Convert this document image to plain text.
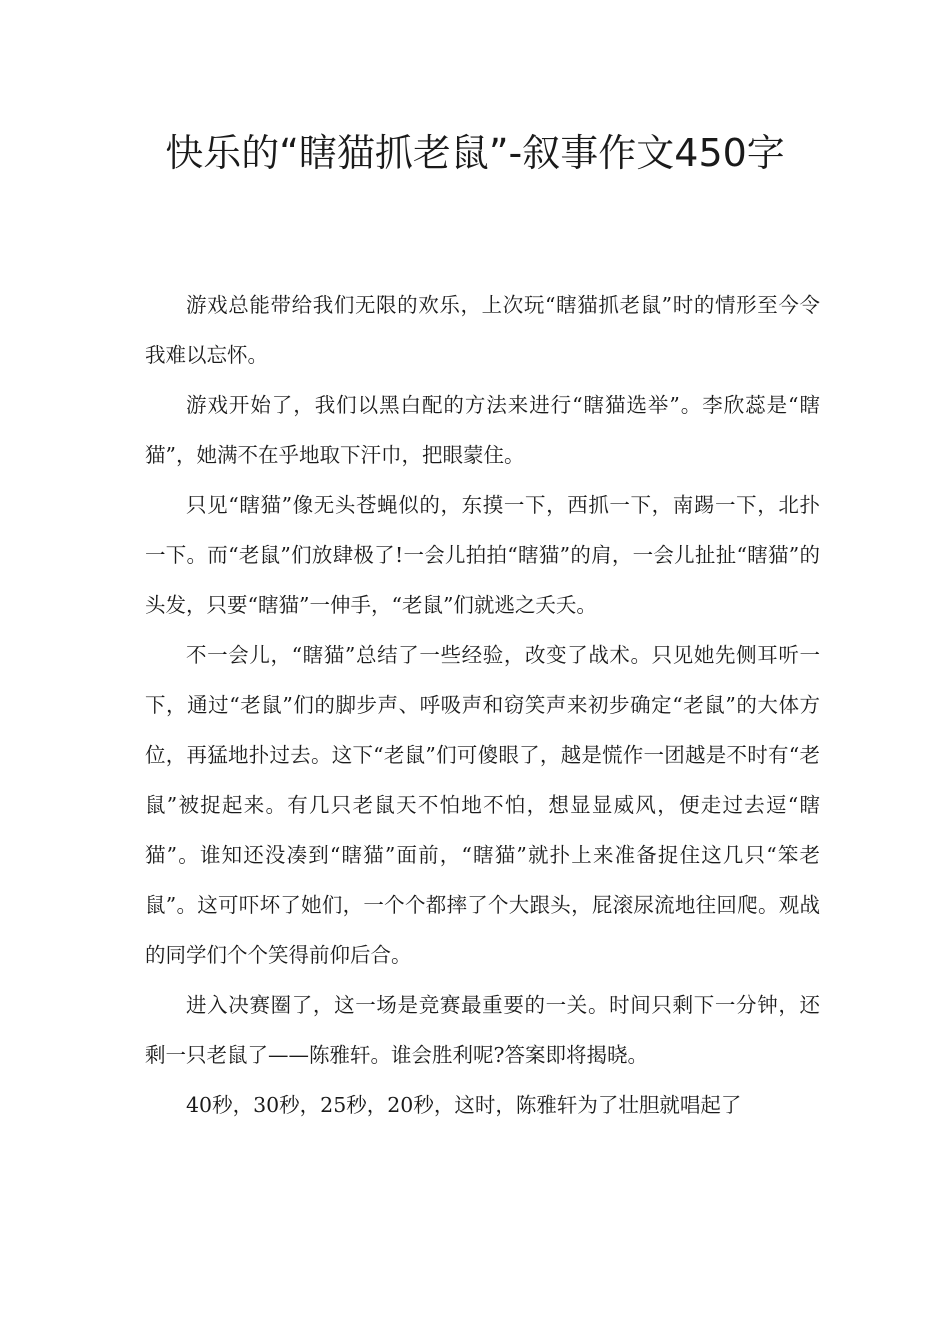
快乐的“瞎猫抓老鼠”-叙事作文450字

游戏总能带给我们无限的欢乐，上次玩“瞎猫抓老鼠”时的情形至今令我难以忘怀。

游戏开始了，我们以黑白配的方法来进行“瞎猫选举”。李欣蕊是“瞎猫”，她满不在乎地取下汗巾，把眼蒙住。

只见“瞎猫”像无头苍蝇似的，东摸一下，西抓一下，南踢一下，北扑一下。而“老鼠”们放肆极了!一会儿拍拍“瞎猫”的肩，一会儿扯扯“瞎猫”的头发，只要“瞎猫”一伸手，“老鼠”们就逃之夭夭。

不一会儿，“瞎猫”总结了一些经验，改变了战术。只见她先侧耳听一下，通过“老鼠”们的脚步声、呼吸声和窃笑声来初步确定“老鼠”的大体方位，再猛地扑过去。这下“老鼠”们可傻眼了，越是慌作一团越是不时有“老鼠”被捉起来。有几只老鼠天不怕地不怕，想显显威风，便走过去逗“瞎猫”。谁知还没凑到“瞎猫”面前，“瞎猫”就扑上来准备捉住这几只“笨老鼠”。这可吓坏了她们，一个个都摔了个大跟头，屁滚尿流地往回爬。观战的同学们个个笑得前仰后合。

进入决赛圈了，这一场是竞赛最重要的一关。时间只剩下一分钟，还剩一只老鼠了——陈雅轩。谁会胜利呢?答案即将揭晓。

40秒，30秒，25秒，20秒，这时，陈雅轩为了壮胆就唱起了
